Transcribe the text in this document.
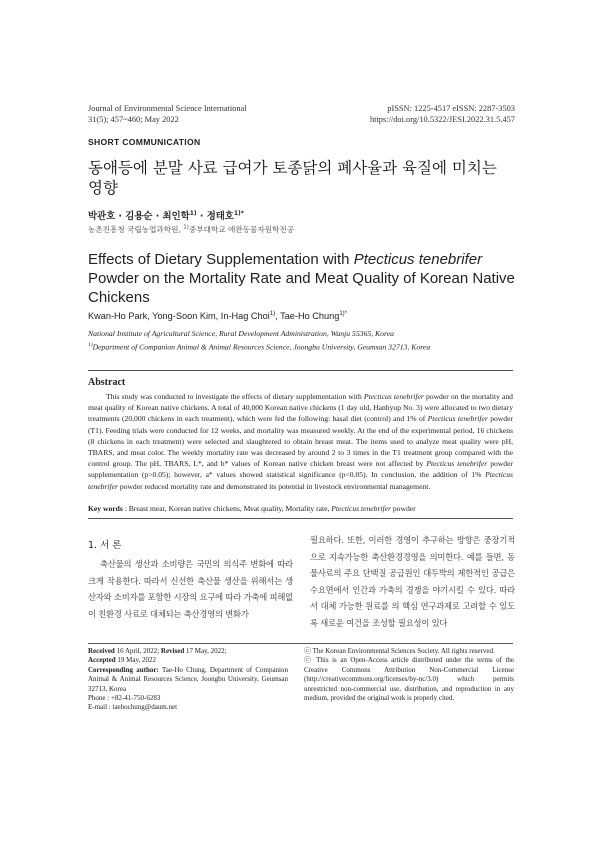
Journal of Environmental Science International
31(5); 457~460; May 2022
pISSN: 1225-4517 eISSN: 2287-3503
https://doi.org/10.5322/JESI.2022.31.5.457
SHORT COMMUNICATION
동애등에 분말 사료 급여가 토종닭의 폐사율과 육질에 미치는
영향
박관호 · 김용순 · 최인학$^{1)}$ · 정태호$^{1)*}$
농촌진흥청 국립농업과학원, $^{1)}$중부대학교 애완동물자원학전공
Effects of Dietary Supplementation with Ptecticus tenebrifer
Powder on the Mortality Rate and Meat Quality of Korean Native
Chickens
Kwan-Ho Park, Yong-Soon Kim, In-Hag Choi$^{1)}$, Tae-Ho Chung$^{1)*}$
National Institute of Agricultural Science, Rural Development Administration, Wanju 55365, Korea
$^{1)}$Department of Companion Animal & Animal Resources Science, Joongbu University, Geumsan 32713, Korea
Abstract

This study was conducted to investigate the effects of dietary supplementation with Ptecticus tenebrifer powder on the mortality and meat quality of Korean native chickens. A total of 40,000 Korean native chickens (1 day old, Hanhyup No. 3) were allocated to two dietary treatments (20,000 chickens in each treatment), which were fed the following: basal diet (control) and 1% of Ptecticus tenebrifer powder (T1). Feeding trials were conducted for 12 weeks, and mortality was measured weekly. At the end of the experimental period, 16 chickens (8 chickens in each treatment) were selected and slaughtered to obtain breast meat. The items used to analyze meat quality were pH, TBARS, and meat color. The weekly mortality rate was decreased by around 2 to 3 times in the T1 treatment group compared with the control group. The pH, TBARS, L*, and b* values of Korean native chicken breast were not affected by Ptecticus tenebrifer powder supplementation (p>0.05); however, a* values showed statistical significance (p<0.05). In conclusion, the addition of 1% Ptecticus tenebrifer powder reduced mortality rate and demonstrated its potential in livestock environmental management.

Key words : Breast meat, Korean native chickens, Meat quality, Mortality rate, Ptecticus tenebrifer powder
1. 서 론

축산물의 생산과 소비량은 국민의 의식주 변화에 따라 크게 작용한다. 따라서 신선한 축산물 생산을 위해서는 생산자와 소비자를 포함한 시장의 요구에 따라 가축에 피해없이 친환경 사료로 대체되는 축산경영의 변화가

필요하다. 또한, 이러한 경영이 추구하는 방향은 중장기적으로 지속가능한 축산환경경영을 의미한다. 예를 들면, 동물사료의 주요 단백질 공급원인 대두박의 제한적인 공급은 수요면에서 인간과 가축의 경쟁을 야기시킬 수 있다. 따라서 대체 가능한 원료를 의 핵심 연구과제로 고려할 수 있도록 새로운 여건을 조성할 필요성이 있다

Received 16 April, 2022; Revised 17 May, 2022;

Accepted 19 May, 2022

Corresponding author: Tae-Ho Chung, Department of Companion Animal & Animal Resources Science, Joongbu University, Geumsan 32713, Korea

Phone : +82-41-750-6283

E-mail : taehochung@daum.net

ⓒ The Korean Environmental Sciences Society. All rights reserved.

ⓒ This is an Open-Access article distributed under the terms of the Creative Commons Attribution Non-Commercial License (http://creativecommons.org/licenses/by-nc/3.0) which permits unrestricted non-commercial use, distribution, and reproduction in any medium, provided the original work is properly cited.
